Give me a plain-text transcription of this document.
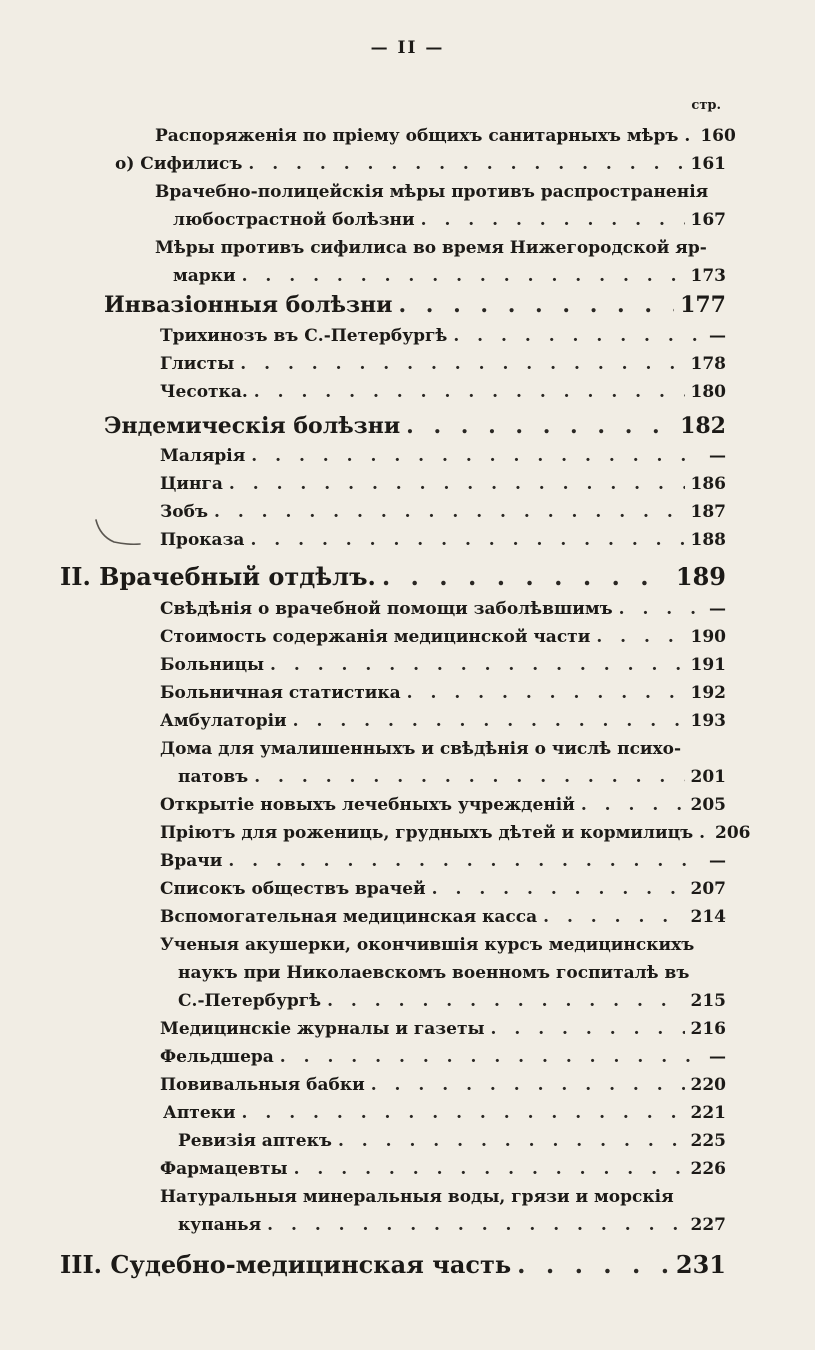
— II —
стр.
Распоряженія по пріему общихъ санитарныхъ мѣръ . 160
о) Сифилисъ . . .	161
Врачебно-полицейскія мѣры противъ распространенія
любострастной болѣзни . . .	167
Мѣры противъ сифилиса во время Нижегородской яр-
марки . . .	173
Инвазіонныя болѣзни . . .	177
Трихинозъ въ С.-Петербургѣ . . .	—
Глисты . . .	178
Чесотка. . . .	180
Эндемическія болѣзни . . .	182
Малярія . . .	—
Цинга . . .	186
Зобъ . . .	187
Проказа . . .	188
II. Врачебный отдѣлъ. . . .	189
Свѣдѣнія о врачебной помощи заболѣвшимъ . . .	—
Стоимость содержанія медицинской части . . .	190
Больницы . . .	191
Больничная статистика . . .	192
Амбулаторіи . . .	193
Дома для умалишенныхъ и свѣдѣнія о числѣ психо-
патовъ . . .	201
Открытіе новыхъ лечебныхъ учрежденій . . .	205
Пріютъ для рожениць, грудныхъ дѣтей и кормилицъ . 206
Врачи . . .	—
Списокъ обществъ врачей . . .	207
Вспомогательная медицинская касса . . .	214
Ученыя акушерки, окончившія курсъ медицинскихъ
наукъ при Николаевскомъ военномъ госпиталѣ въ
С.-Петербургѣ . . .	215
Медицинскіе журналы и газеты . . .	216
Фельдшера . . .	—
Повивальныя бабки . . .	220
Аптеки . . .	221
Ревизія аптекъ . . .	225
Фармацевты . . .	226
Натуральныя минеральныя воды, грязи и морскія
купанья . . .	227
III. Судебно-медицинская часть . . .	231
